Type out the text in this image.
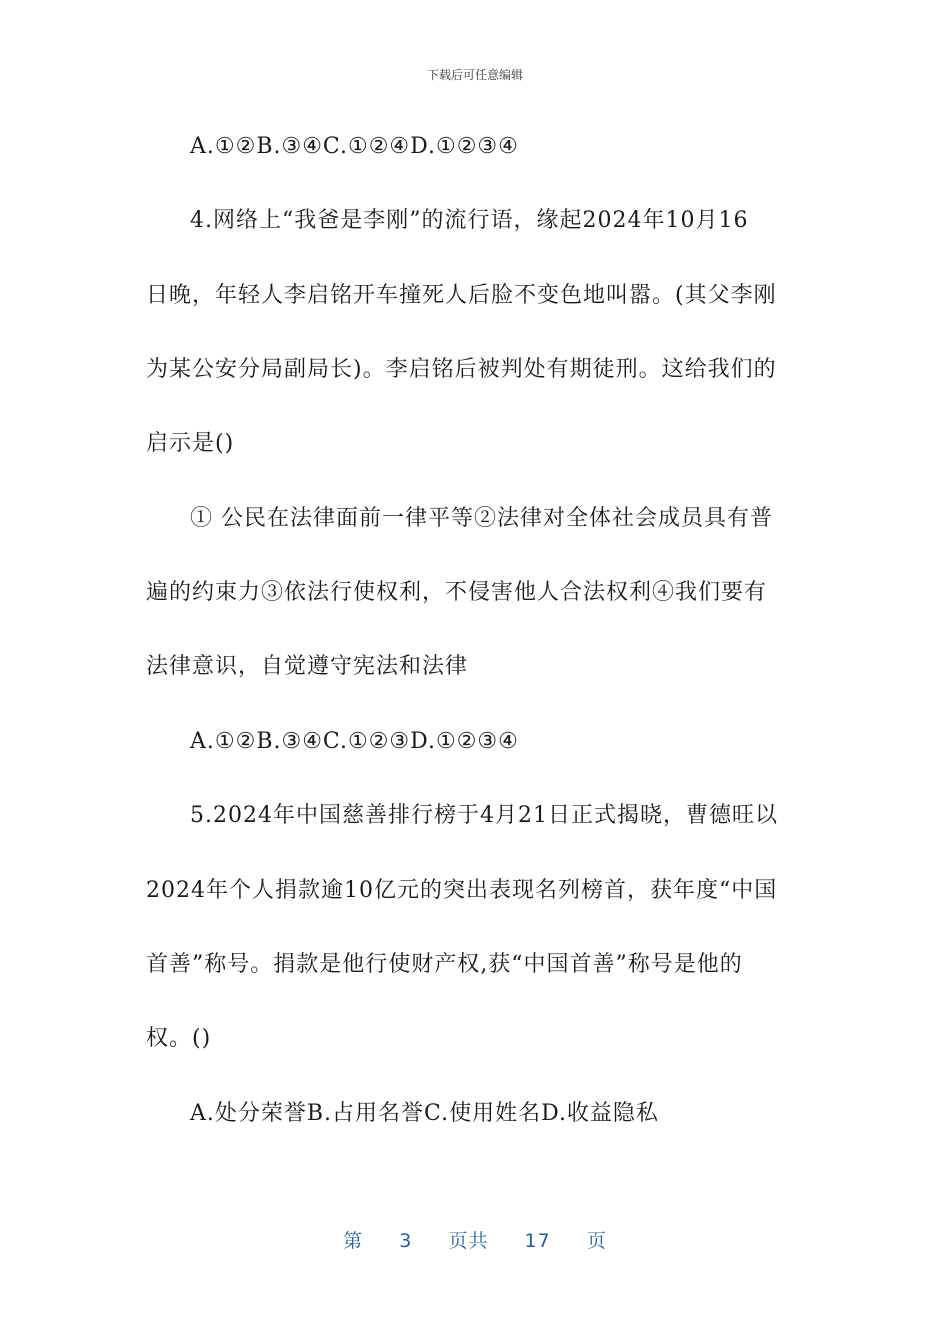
下载后可任意编辑
A.①②B.③④C.①②④D.①②③④
4.网络上“我爸是李刚”的流行语，缘起2024年10月16
日晚，年轻人李启铭开车撞死人后脸不变色地叫嚣。(其父李刚
为某公安分局副局长)。李启铭后被判处有期徒刑。这给我们的
启示是()
① 公民在法律面前一律平等②法律对全体社会成员具有普
遍的约束力③依法行使权利，不侵害他人合法权利④我们要有
法律意识，自觉遵守宪法和法律
A.①②B.③④C.①②③D.①②③④
5.2024年中国慈善排行榜于4月21日正式揭晓，曹德旺以
2024年个人捐款逾10亿元的突出表现名列榜首，获年度“中国
首善”称号。捐款是他行使财产权,获“中国首善”称号是他的
权。()
A.处分荣誉B.占用名誉C.使用姓名D.收益隐私
第 3 页共 17 页
